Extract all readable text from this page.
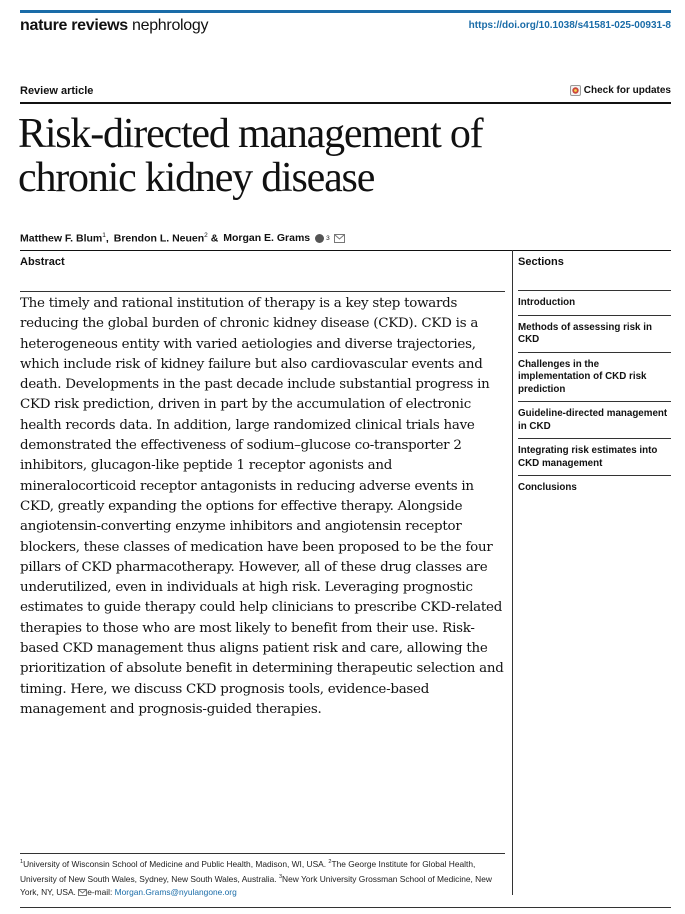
nature reviews nephrology	https://doi.org/10.1038/s41581-025-00931-8
Review article	Check for updates
Risk-directed management of chronic kidney disease
Matthew F. Blum$^1$, Brendon L. Neuen$^2$ & Morgan E. Grams 3
Abstract

The timely and rational institution of therapy is a key step towards reducing the global burden of chronic kidney disease (CKD). CKD is a heterogeneous entity with varied aetiologies and diverse trajectories, which include risk of kidney failure but also cardiovascular events and death. Developments in the past decade include substantial progress in CKD risk prediction, driven in part by the accumulation of electronic health records data. In addition, large randomized clinical trials have demonstrated the effectiveness of sodium–glucose co-transporter 2 inhibitors, glucagon-like peptide 1 receptor agonists and mineralocorticoid receptor antagonists in reducing adverse events in CKD, greatly expanding the options for effective therapy. Alongside angiotensin-converting enzyme inhibitors and angiotensin receptor blockers, these classes of medication have been proposed to be the four pillars of CKD pharmacotherapy. However, all of these drug classes are underutilized, even in individuals at high risk. Leveraging prognostic estimates to guide therapy could help clinicians to prescribe CKD-related therapies to those who are most likely to benefit from their use. Risk-based CKD management thus aligns patient risk and care, allowing the prioritization of absolute benefit in determining therapeutic selection and timing. Here, we discuss CKD prognosis tools, evidence-based management and prognosis-guided therapies.

Sections
Introduction
Methods of assessing risk in CKD
Challenges in the implementation of CKD risk prediction
Guideline-directed management in CKD
Integrating risk estimates into CKD management
Conclusions

$^1$University of Wisconsin School of Medicine and Public Health, Madison, WI, USA. $^2$The George Institute for Global Health, University of New South Wales, Sydney, New South Wales, Australia. $^3$New York University Grossman School of Medicine, New York, NY, USA. e-mail: Morgan.Grams@nyulangone.org
